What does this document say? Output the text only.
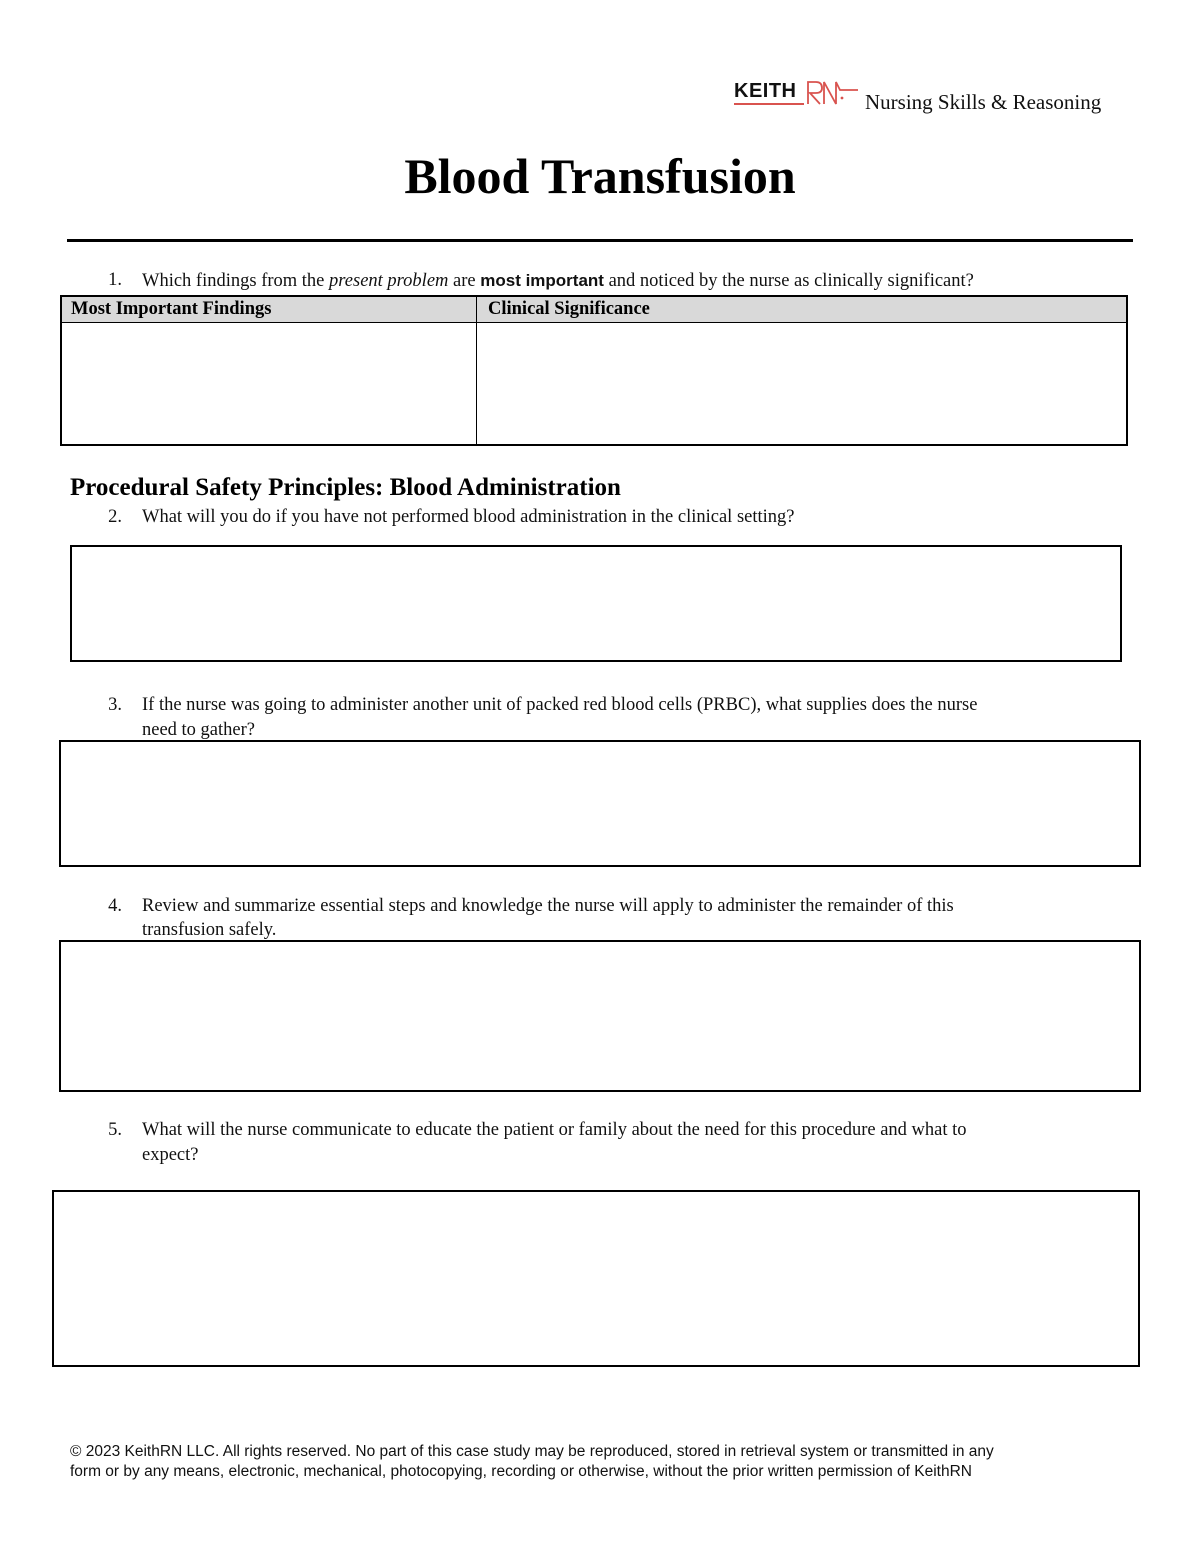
KEITH	Nursing Skills & Reasoning
Blood Transfusion
1. Which findings from the present problem are most important and noticed by the nurse as clinically significant?
Most Important Findings	Clinical Significance
Procedural Safety Principles: Blood Administration
2. What will you do if you have not performed blood administration in the clinical setting?
3. If the nurse was going to administer another unit of packed red blood cells (PRBC), what supplies does the nurse
need to gather?
4. Review and summarize essential steps and knowledge the nurse will apply to administer the remainder of this
transfusion safely.
5. What will the nurse communicate to educate the patient or family about the need for this procedure and what to
expect?
© 2023 KeithRN LLC. All rights reserved. No part of this case study may be reproduced, stored in retrieval system or transmitted in any
form or by any means, electronic, mechanical, photocopying, recording or otherwise, without the prior written permission of KeithRN
